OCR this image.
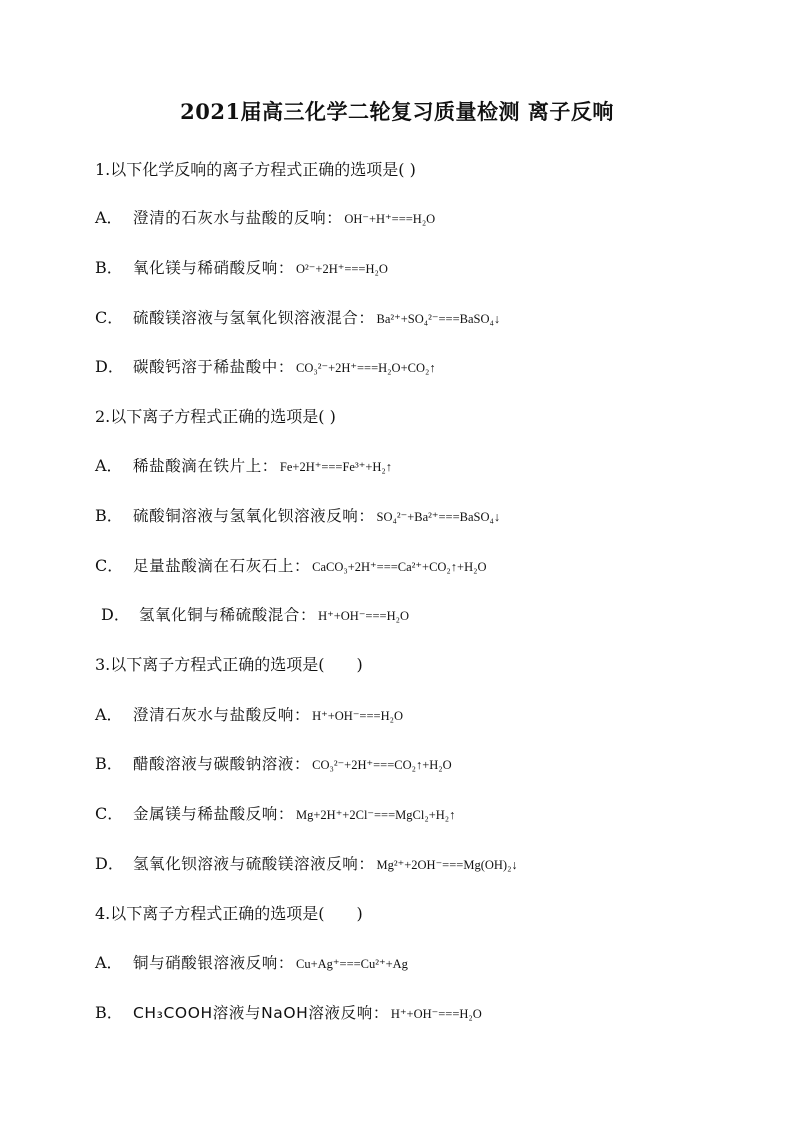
2021届高三化学二轮复习质量检测 离子反响
1.以下化学反响的离子方程式正确的选项是( )
A． 澄清的石灰水与盐酸的反响： OH⁻+H⁺===H₂O
B． 氧化镁与稀硝酸反响： O²⁻+2H⁺===H₂O
C． 硫酸镁溶液与氢氧化钡溶液混合： Ba²⁺+SO₄²⁻===BaSO₄↓
D． 碳酸钙溶于稀盐酸中： CO₃²⁻+2H⁺===H₂O+CO₂↑
2.以下离子方程式正确的选项是( )
A． 稀盐酸滴在铁片上： Fe+2H⁺===Fe³⁺+H₂↑
B． 硫酸铜溶液与氢氧化钡溶液反响： SO₄²⁻+Ba²⁺===BaSO₄↓
C． 足量盐酸滴在石灰石上： CaCO₃+2H⁺===Ca²⁺+CO₂↑+H₂O
D． 氢氧化铜与稀硫酸混合： H⁺+OH⁻===H₂O
3.以下离子方程式正确的选项是(　　)
A． 澄清石灰水与盐酸反响： H⁺+OH⁻===H₂O
B． 醋酸溶液与碳酸钠溶液： CO₃²⁻+2H⁺===CO₂↑+H₂O
C． 金属镁与稀盐酸反响： Mg+2H⁺+2Cl⁻===MgCl₂+H₂↑
D． 氢氧化钡溶液与硫酸镁溶液反响： Mg²⁺+2OH⁻===Mg(OH)₂↓
4.以下离子方程式正确的选项是(　　)
A． 铜与硝酸银溶液反响： Cu+Ag⁺===Cu²⁺+Ag
B． CH₃COOH溶液与NaOH溶液反响： H⁺+OH⁻===H₂O
